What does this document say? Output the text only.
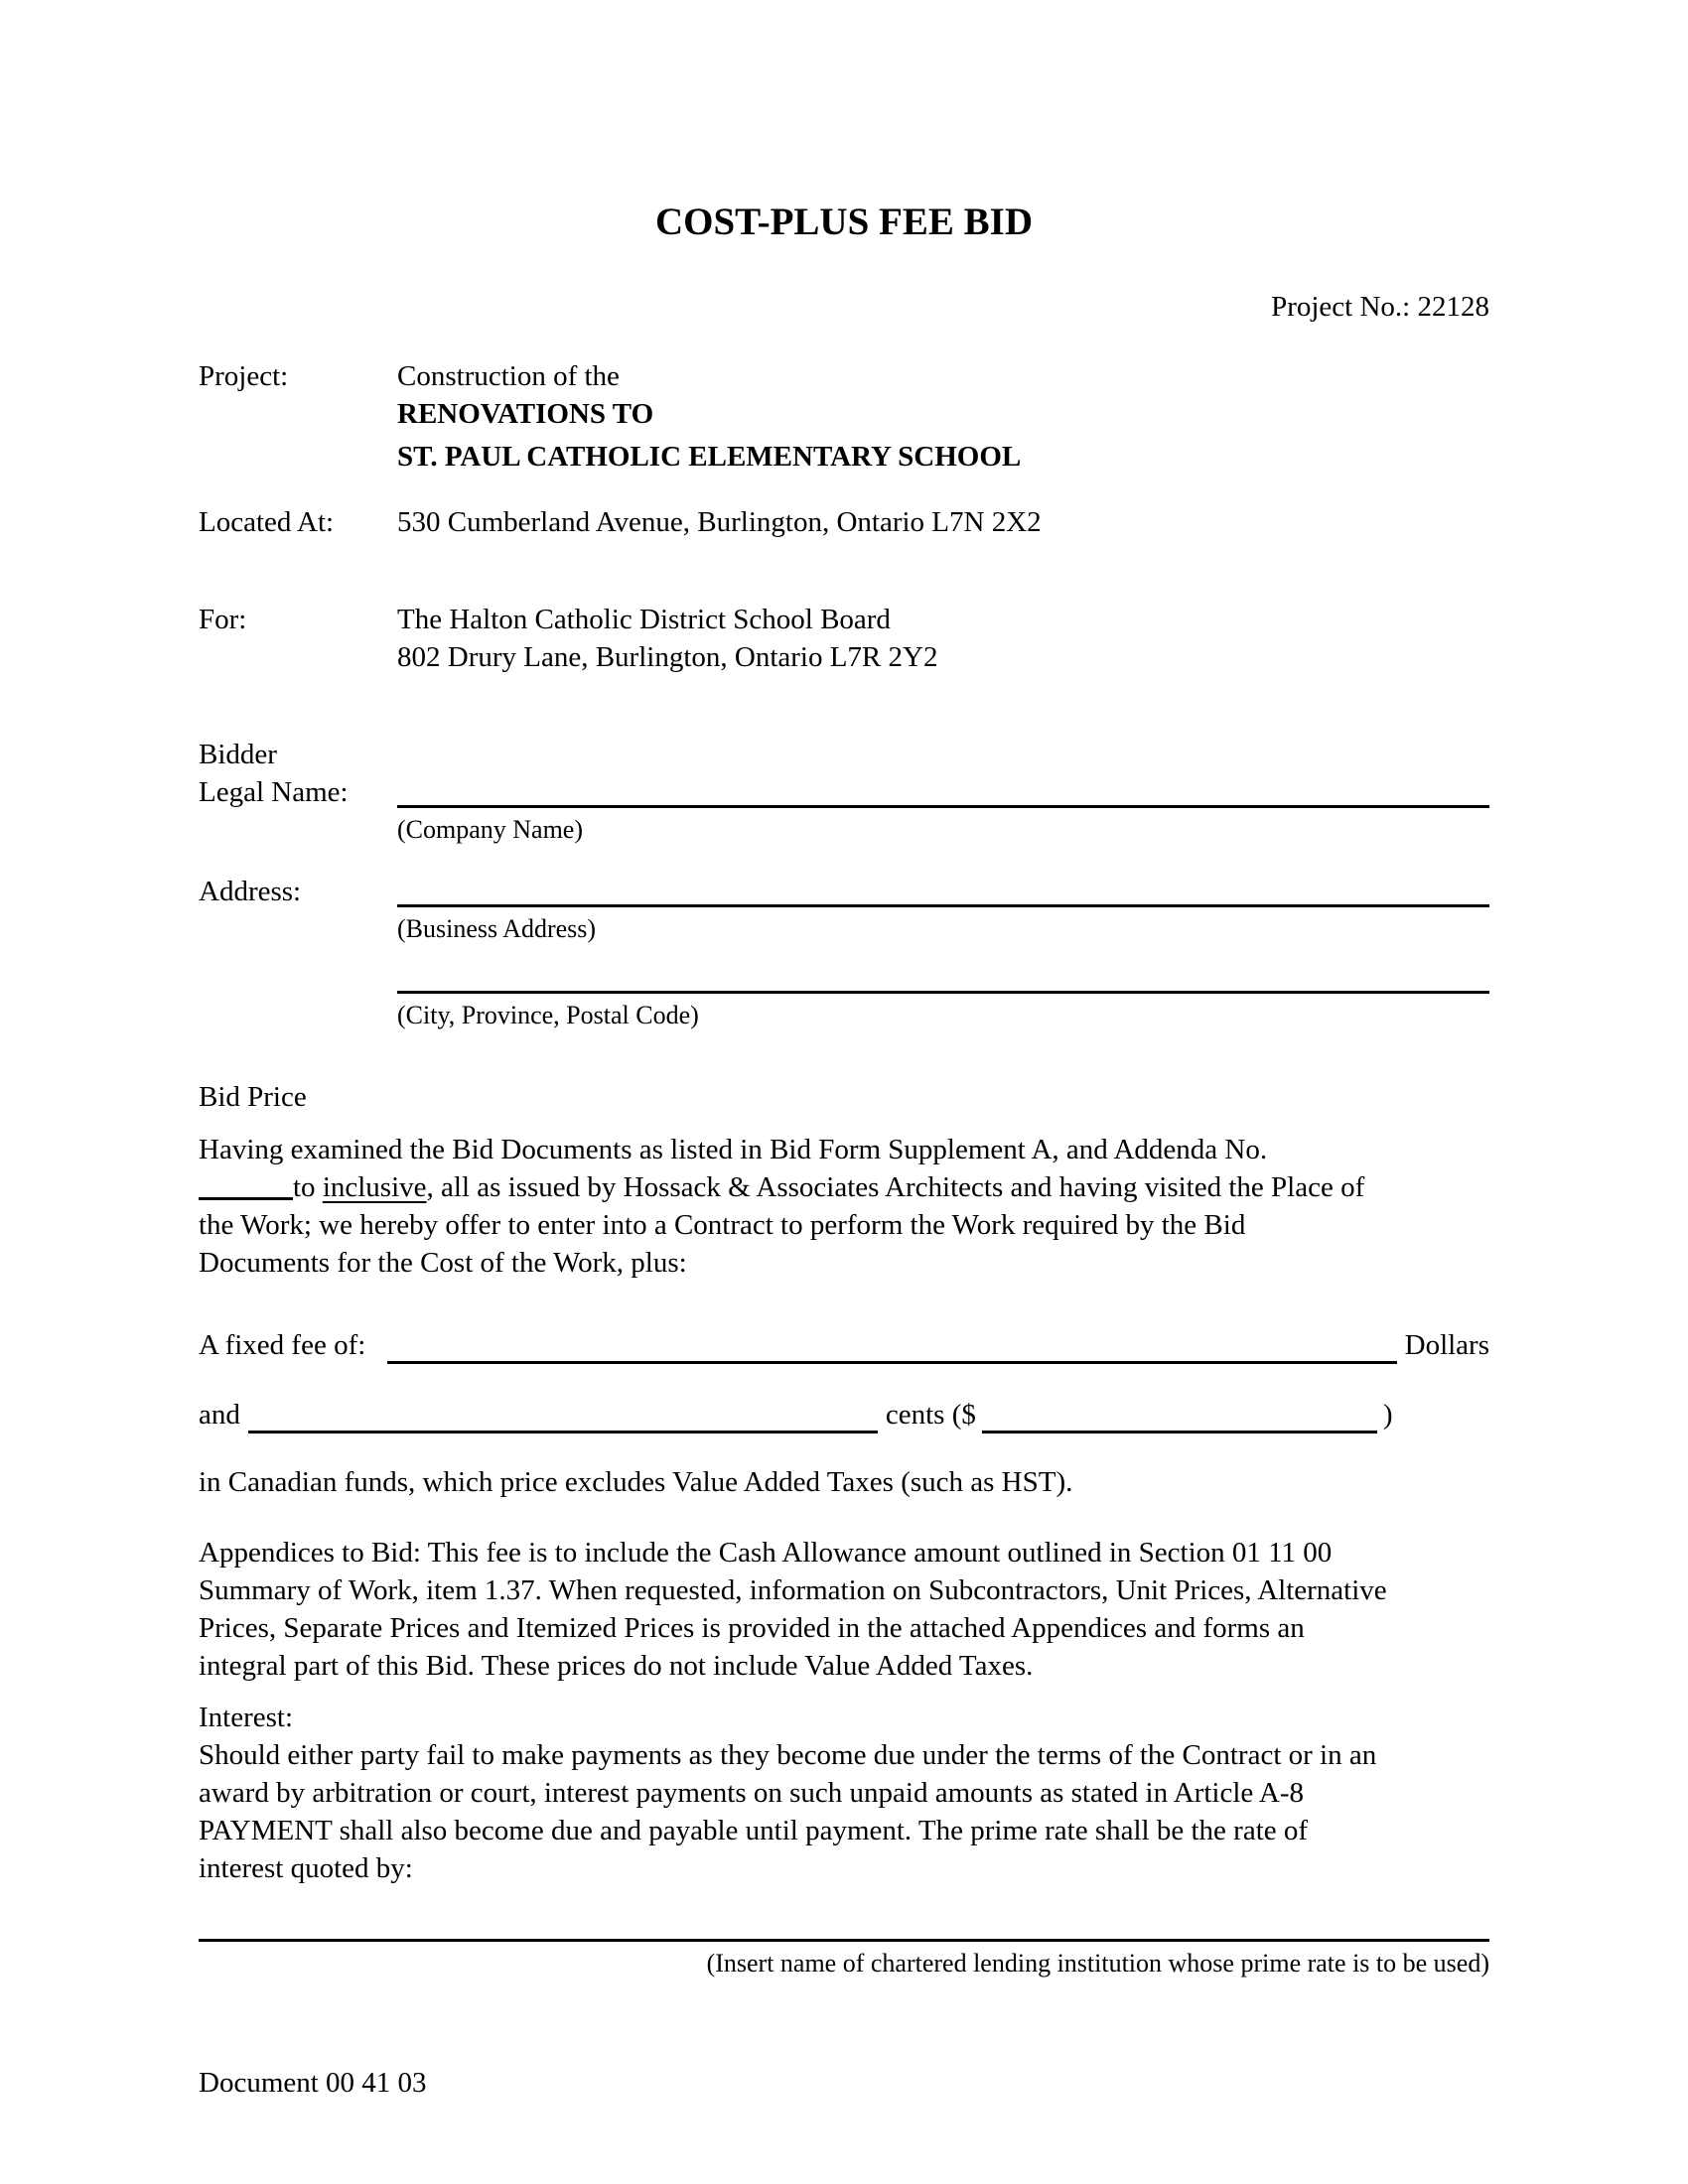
COST-PLUS FEE BID
Project No.: 22128
Project:	Construction of the
RENOVATIONS TO
ST. PAUL CATHOLIC ELEMENTARY SCHOOL
Located At:	530 Cumberland Avenue, Burlington, Ontario L7N 2X2
For:	The Halton Catholic District School Board
802 Drury Lane, Burlington, Ontario L7R 2Y2
Bidder
Legal Name:
(Company Name)
Address:
(Business Address)
(City, Province, Postal Code)
Bid Price
Having examined the Bid Documents as listed in Bid Form Supplement A, and Addenda No.
to inclusive, all as issued by Hossack & Associates Architects and having visited the Place of
the Work; we hereby offer to enter into a Contract to perform the Work required by the Bid
Documents for the Cost of the Work, plus:
A fixed fee of:	Dollars
and	cents ($	)
in Canadian funds, which price excludes Value Added Taxes (such as HST).
Appendices to Bid: This fee is to include the Cash Allowance amount outlined in Section 01 11 00
Summary of Work, item 1.37. When requested, information on Subcontractors, Unit Prices, Alternative
Prices, Separate Prices and Itemized Prices is provided in the attached Appendices and forms an
integral part of this Bid. These prices do not include Value Added Taxes.
Interest:
Should either party fail to make payments as they become due under the terms of the Contract or in an
award by arbitration or court, interest payments on such unpaid amounts as stated in Article A-8
PAYMENT shall also become due and payable until payment. The prime rate shall be the rate of
interest quoted by:
(Insert name of chartered lending institution whose prime rate is to be used)
Document 00 41 03
